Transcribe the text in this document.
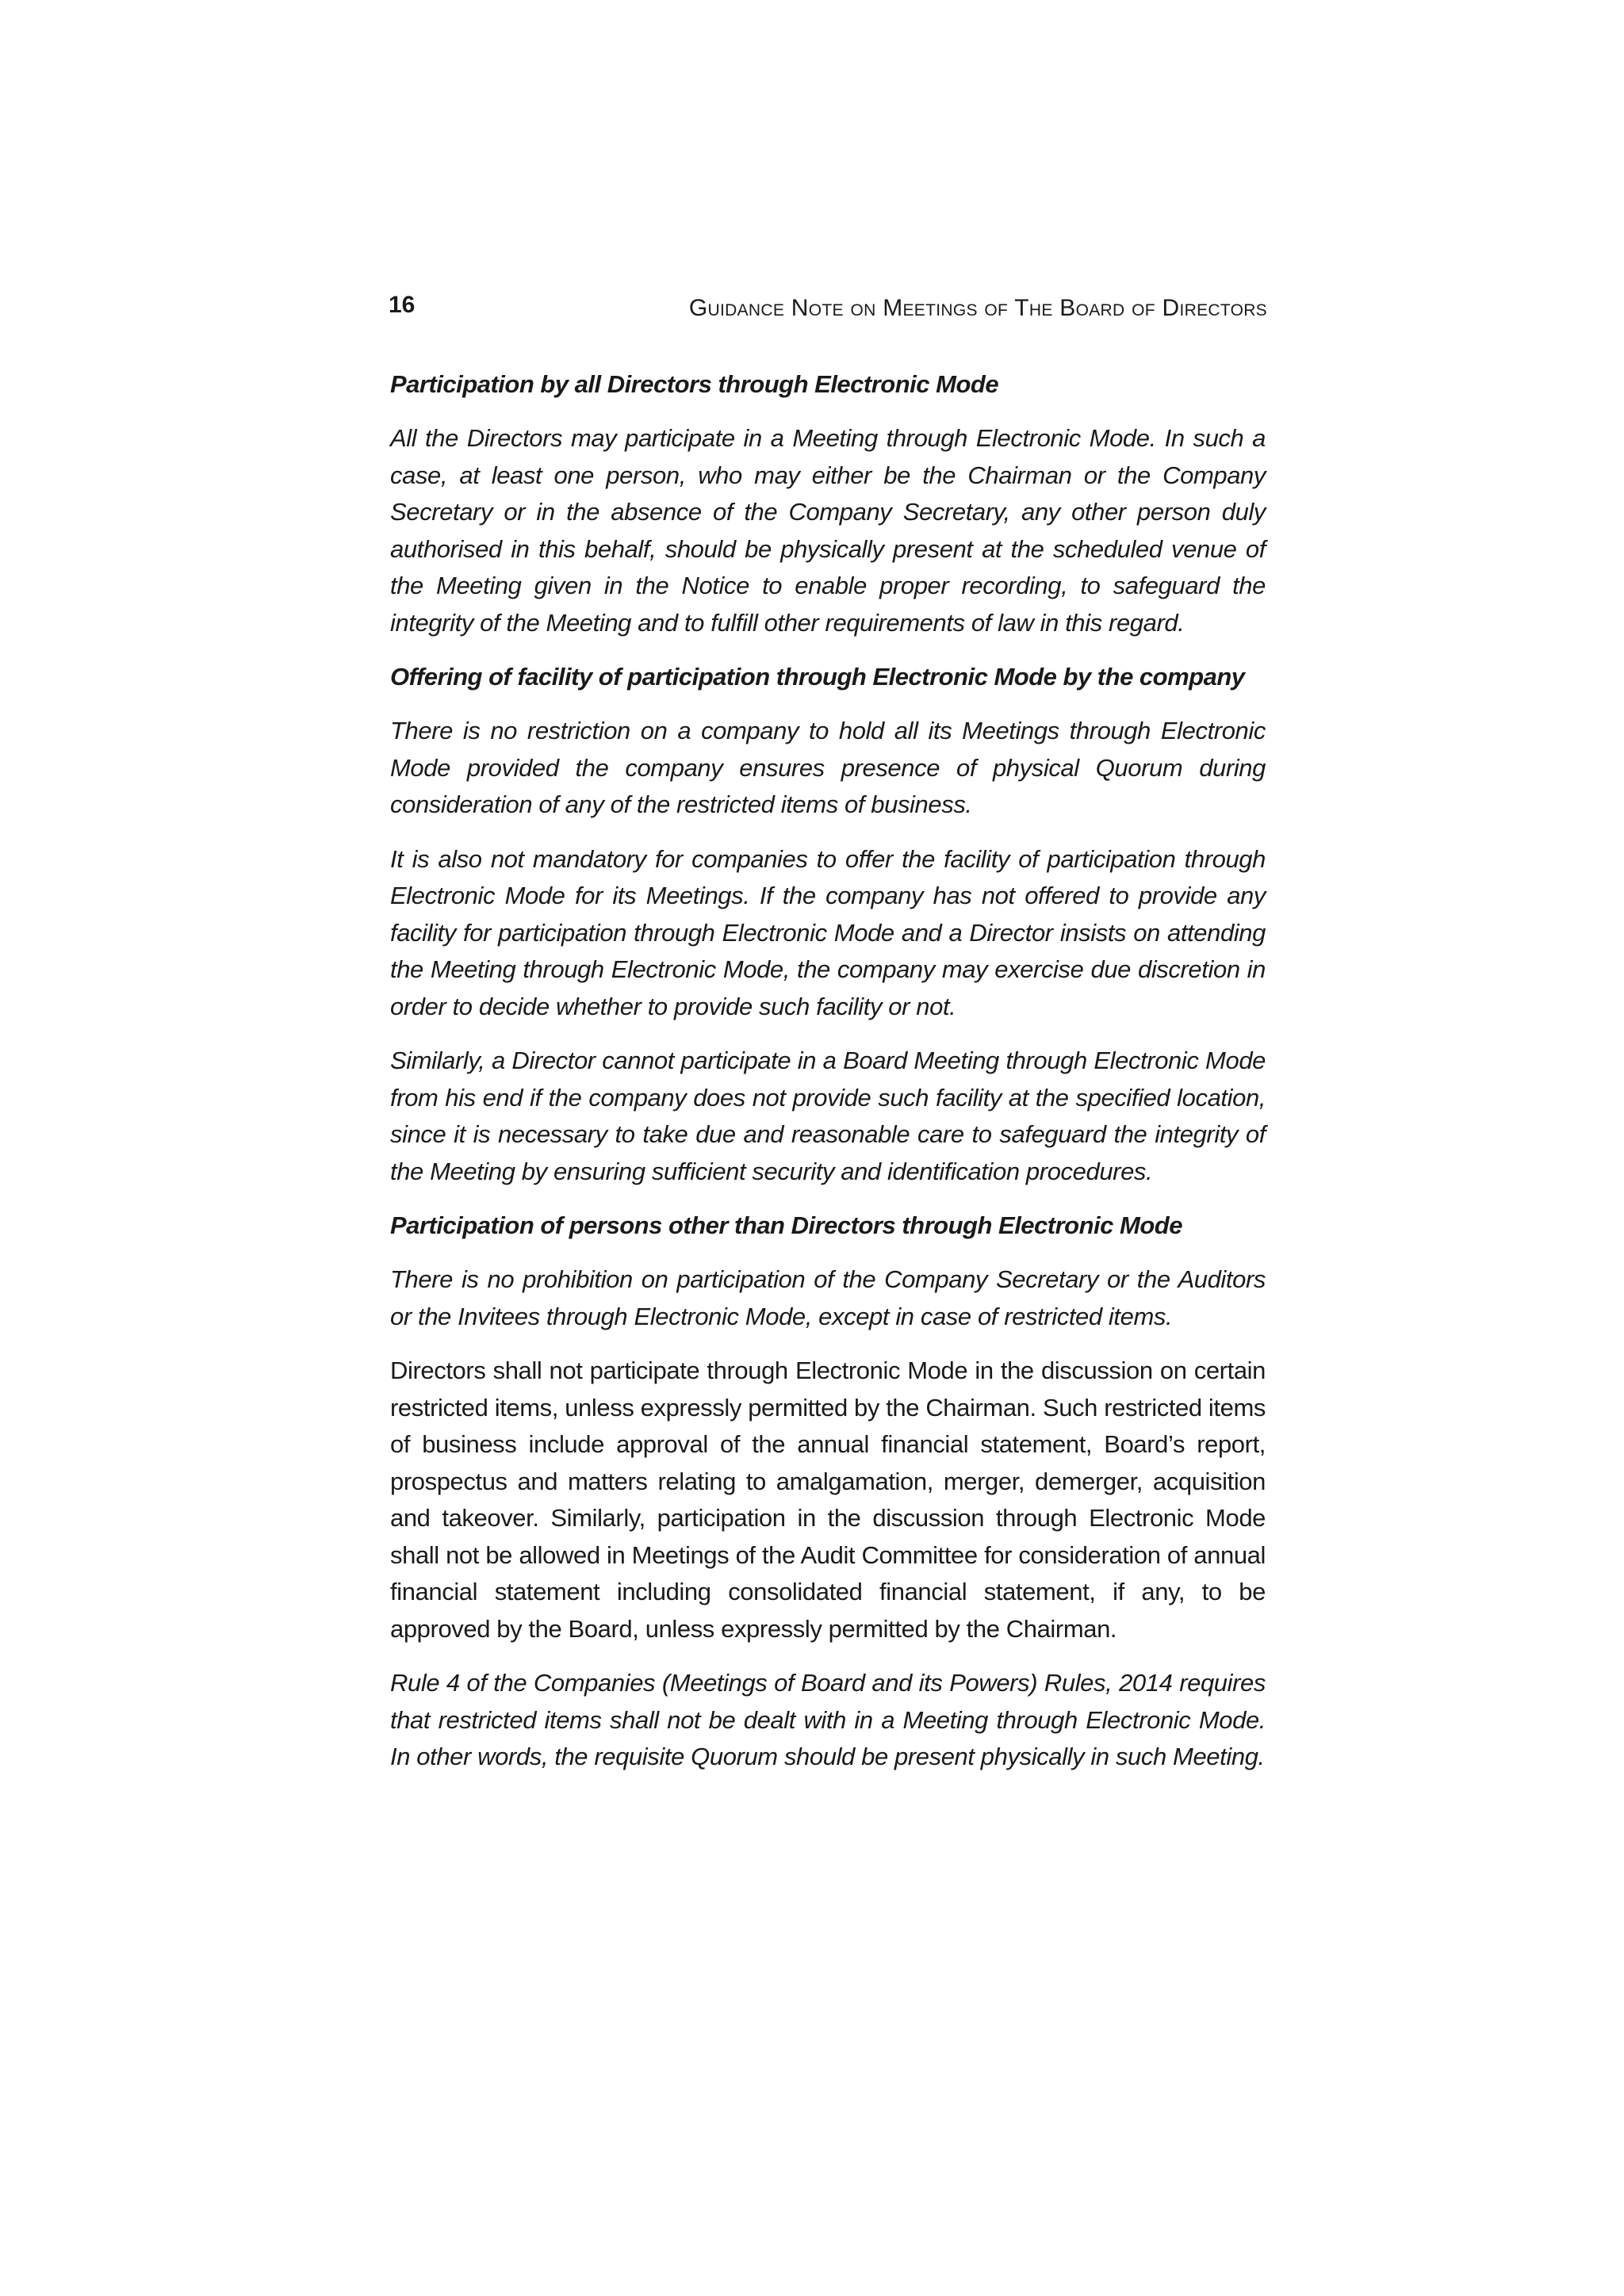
16	Guidance Note on Meetings of The Board of Directors
Participation by all Directors through Electronic Mode

All the Directors may participate in a Meeting through Electronic Mode. In such a case, at least one person, who may either be the Chairman or the Company Secretary or in the absence of the Company Secretary, any other person duly authorised in this behalf, should be physically present at the scheduled venue of the Meeting given in the Notice to enable proper recording, to safeguard the integrity of the Meeting and to fulfill other requirements of law in this regard.

Offering of facility of participation through Electronic Mode by the company

There is no restriction on a company to hold all its Meetings through Electronic Mode provided the company ensures presence of physical Quorum during consideration of any of the restricted items of business.

It is also not mandatory for companies to offer the facility of participation through Electronic Mode for its Meetings. If the company has not offered to provide any facility for participation through Electronic Mode and a Director insists on attending the Meeting through Electronic Mode, the company may exercise due discretion in order to decide whether to provide such facility or not.

Similarly, a Director cannot participate in a Board Meeting through Electronic Mode from his end if the company does not provide such facility at the specified location, since it is necessary to take due and reasonable care to safeguard the integrity of the Meeting by ensuring sufficient security and identification procedures.

Participation of persons other than Directors through Electronic Mode

There is no prohibition on participation of the Company Secretary or the Auditors or the Invitees through Electronic Mode, except in case of restricted items.

Directors shall not participate through Electronic Mode in the discussion on certain restricted items, unless expressly permitted by the Chairman. Such restricted items of business include approval of the annual financial statement, Board’s report, prospectus and matters relating to amalgamation, merger, demerger, acquisition and takeover. Similarly, participation in the discussion through Electronic Mode shall not be allowed in Meetings of the Audit Committee for consideration of annual financial statement including consolidated financial statement, if any, to be approved by the Board, unless expressly permitted by the Chairman.

Rule 4 of the Companies (Meetings of Board and its Powers) Rules, 2014 requires that restricted items shall not be dealt with in a Meeting through Electronic Mode. In other words, the requisite Quorum should be present physically in such Meeting.
